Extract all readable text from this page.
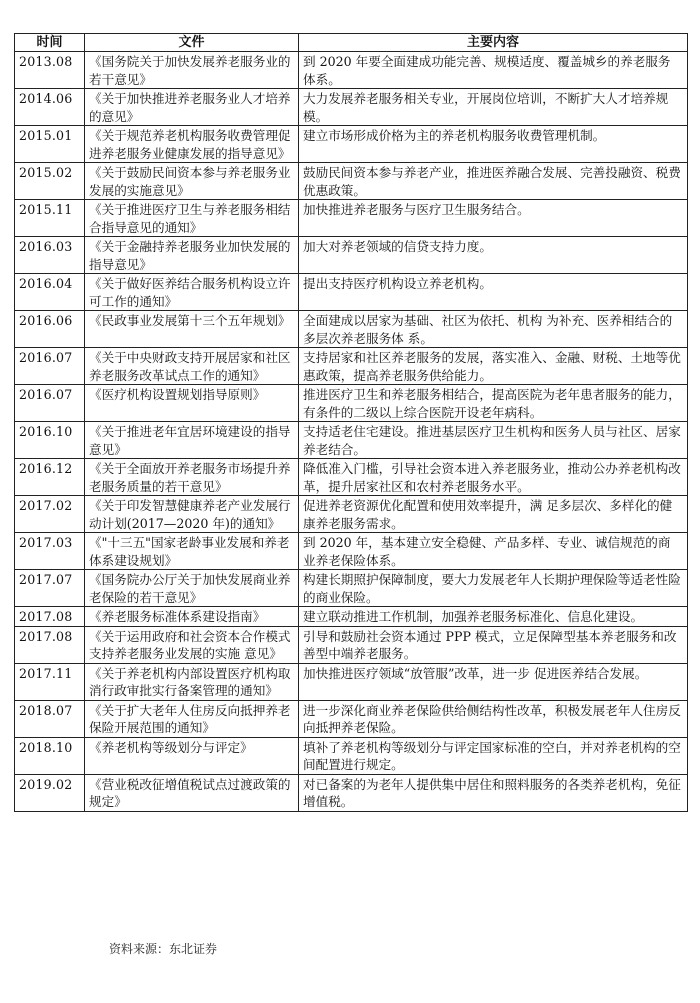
时间	文件	主要内容
2013.08	《国务院关于加快发展养老服务业的若干意见》	到 2020 年要全面建成功能完善、规模适度、覆盖城乡的养老服务体系。
2014.06	《关于加快推进养老服务业人才培养的意见》	大力发展养老服务相关专业，开展岗位培训，不断扩大人才培养规模。
2015.01	《关于规范养老机构服务收费管理促进养老服务业健康发展的指导意见》	建立市场形成价格为主的养老机构服务收费管理机制。
2015.02	《关于鼓励民间资本参与养老服务业发展的实施意见》	鼓励民间资本参与养老产业，推进医养融合发展、完善投融资、税费优惠政策。
2015.11	《关于推进医疗卫生与养老服务相结合指导意见的通知》	加快推进养老服务与医疗卫生服务结合。
2016.03	《关于金融持养老服务业加快发展的指导意见》	加大对养老领域的信贷支持力度。
2016.04	《关于做好医养结合服务机构设立许可工作的通知》	提出支持医疗机构设立养老机构。
2016.06	《民政事业发展第十三个五年规划》	全面建成以居家为基础、社区为依托、机构 为补充、医养相结合的多层次养老服务体 系。
2016.07	《关于中央财政支持开展居家和社区养老服务改革试点工作的通知》	支持居家和社区养老服务的发展，落实准入、金融、财税、土地等优惠政策，提高养老服务供给能力。
2016.07	《医疗机构设置规划指导原则》	推进医疗卫生和养老服务相结合，提高医院为老年患者服务的能力，有条件的二级以上综合医院开设老年病科。
2016.10	《关于推进老年宜居环境建设的指导意见》	支持适老住宅建设。推进基层医疗卫生机构和医务人员与社区、居家养老结合。
2016.12	《关于全面放开养老服务市场提升养老服务质量的若干意见》	降低准入门槛，引导社会资本进入养老服务业，推动公办养老机构改革，提升居家社区和农村养老服务水平。
2017.02	《关于印发智慧健康养老产业发展行动计划(2017—2020 年)的通知》	促进养老资源优化配置和使用效率提升，满 足多层次、多样化的健康养老服务需求。
2017.03	《"十三五"国家老龄事业发展和养老体系建设规划》	到 2020 年，基本建立安全稳健、产品多样、专业、诚信规范的商业养老保险体系。
2017.07	《国务院办公厅关于加快发展商业养老保险的若干意见》	构建长期照护保障制度，要大力发展老年人长期护理保险等适老性险的商业保险。
2017.08	《养老服务标准体系建设指南》	建立联动推进工作机制，加强养老服务标准化、信息化建设。
2017.08	《关于运用政府和社会资本合作模式支持养老服务业发展的实施 意见》	引导和鼓励社会资本通过 PPP 模式，立足保障型基本养老服务和改善型中端养老服务。
2017.11	《关于养老机构内部设置医疗机构取消行政审批实行备案管理的通知》	加快推进医疗领域“放管服”改革，进一步 促进医养结合发展。
2018.07	《关于扩大老年人住房反向抵押养老保险开展范围的通知》	进一步深化商业养老保险供给侧结构性改革，积极发展老年人住房反向抵押养老保险。
2018.10	《养老机构等级划分与评定》	填补了养老机构等级划分与评定国家标准的空白，并对养老机构的空间配置进行规定。
2019.02	《营业税改征增值税试点过渡政策的规定》	对已备案的为老年人提供集中居住和照料服务的各类养老机构，免征增值税。
资料来源：东北证券
